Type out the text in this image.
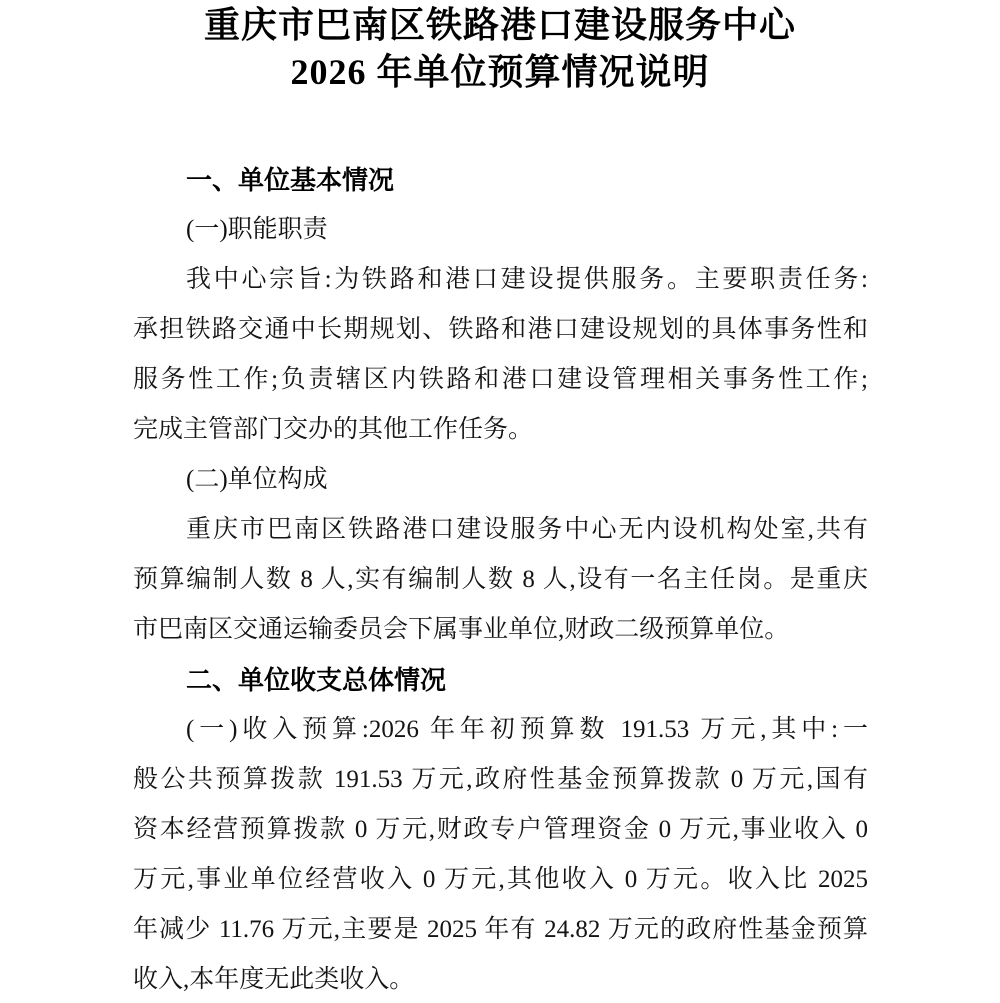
重庆市巴南区铁路港口建设服务中心
2026 年单位预算情况说明
一、单位基本情况
(一)职能职责
我中心宗旨:为铁路和港口建设提供服务。主要职责任务:
承担铁路交通中长期规划、铁路和港口建设规划的具体事务性和
服务性工作;负责辖区内铁路和港口建设管理相关事务性工作;
完成主管部门交办的其他工作任务。
(二)单位构成
重庆市巴南区铁路港口建设服务中心无内设机构处室,共有
预算编制人数 8 人,实有编制人数 8 人,设有一名主任岗。是重庆
市巴南区交通运输委员会下属事业单位,财政二级预算单位。
二、单位收支总体情况
(一)收入预算:2026 年年初预算数 191.53 万元,其中:一
般公共预算拨款 191.53 万元,政府性基金预算拨款 0 万元,国有
资本经营预算拨款 0 万元,财政专户管理资金 0 万元,事业收入 0
万元,事业单位经营收入 0 万元,其他收入 0 万元。收入比 2025
年减少 11.76 万元,主要是 2025 年有 24.82 万元的政府性基金预算
收入,本年度无此类收入。
